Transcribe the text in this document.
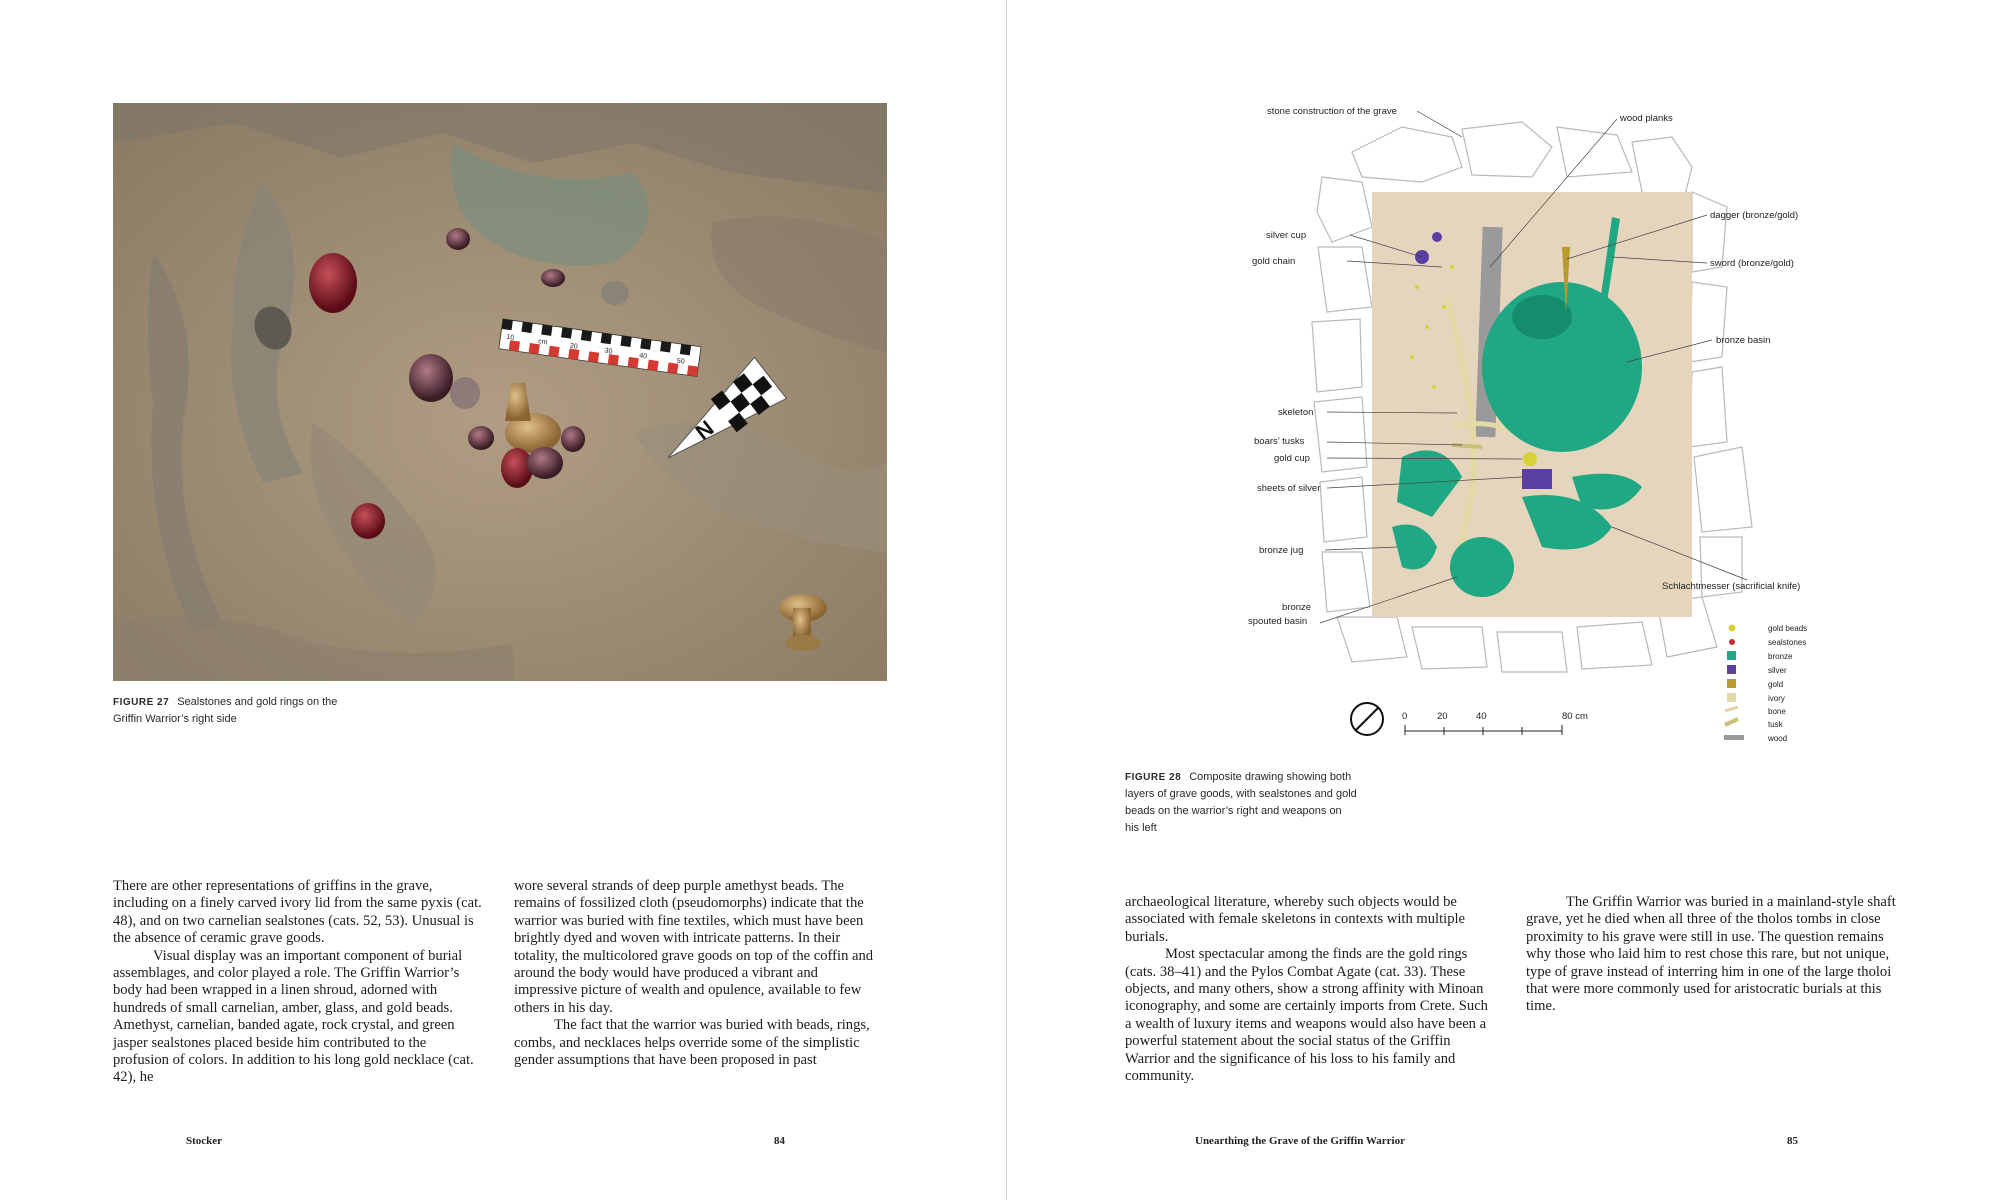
10
cm
20
30
40
50
N
FIGURE 27 Sealstones and gold rings on the
Griffin Warrior’s right side

There are other representations of griffins in the grave, including on a finely carved ivory lid from the same pyxis (cat. 48), and on two carnelian sealstones (cats. 52, 53). Unusual is the absence of ceramic grave goods.

Visual display was an important component of burial assemblages, and color played a role. The Griffin Warrior’s body had been wrapped in a linen shroud, adorned with hundreds of small carnelian, amber, glass, and gold beads. Amethyst, carnelian, banded agate, rock crystal, and green jasper sealstones placed beside him contributed to the profusion of colors. In addition to his long gold necklace (cat. 42), he

wore several strands of deep purple amethyst beads. The remains of fossilized cloth (pseudomorphs) indicate that the warrior was buried with fine textiles, which must have been brightly dyed and woven with intricate patterns. In their totality, the multicolored grave goods on top of the coffin and around the body would have produced a vibrant and impressive picture of wealth and opulence, available to few others in his day.

The fact that the warrior was buried with beads, rings, combs, and necklaces helps override some of the simplistic gender assumptions that have been proposed in past

Stocker	84
stone construction of the grave
wood planks
silver cup
gold chain
dagger (bronze/gold)
sword (bronze/gold)
bronze basin
skeleton
boars’ tusks
gold cup
sheets of silver
bronze jug
bronze
spouted basin
Schlachtmesser (sacrificial knife)
gold beads
sealstones
bronze
silver
gold
ivory
bone
tusk
wood
0	20	40	80 cm
FIGURE 28 Composite drawing showing both
layers of grave goods, with sealstones and gold
beads on the warrior’s right and weapons on
his left

archaeological literature, whereby such objects would be associated with female skeletons in contexts with multiple burials.

Most spectacular among the finds are the gold rings (cats. 38–41) and the Pylos Combat Agate (cat. 33). These objects, and many others, show a strong affinity with Minoan iconography, and some are certainly imports from Crete. Such a wealth of luxury items and weapons would also have been a powerful statement about the social status of the Griffin Warrior and the significance of his loss to his family and community.

The Griffin Warrior was buried in a mainland-style shaft grave, yet he died when all three of the tholos tombs in close proximity to his grave were still in use. The question remains why those who laid him to rest chose this rare, but not unique, type of grave instead of interring him in one of the large tholoi that were more commonly used for aristocratic burials at this time.

Unearthing the Grave of the Griffin Warrior	85
